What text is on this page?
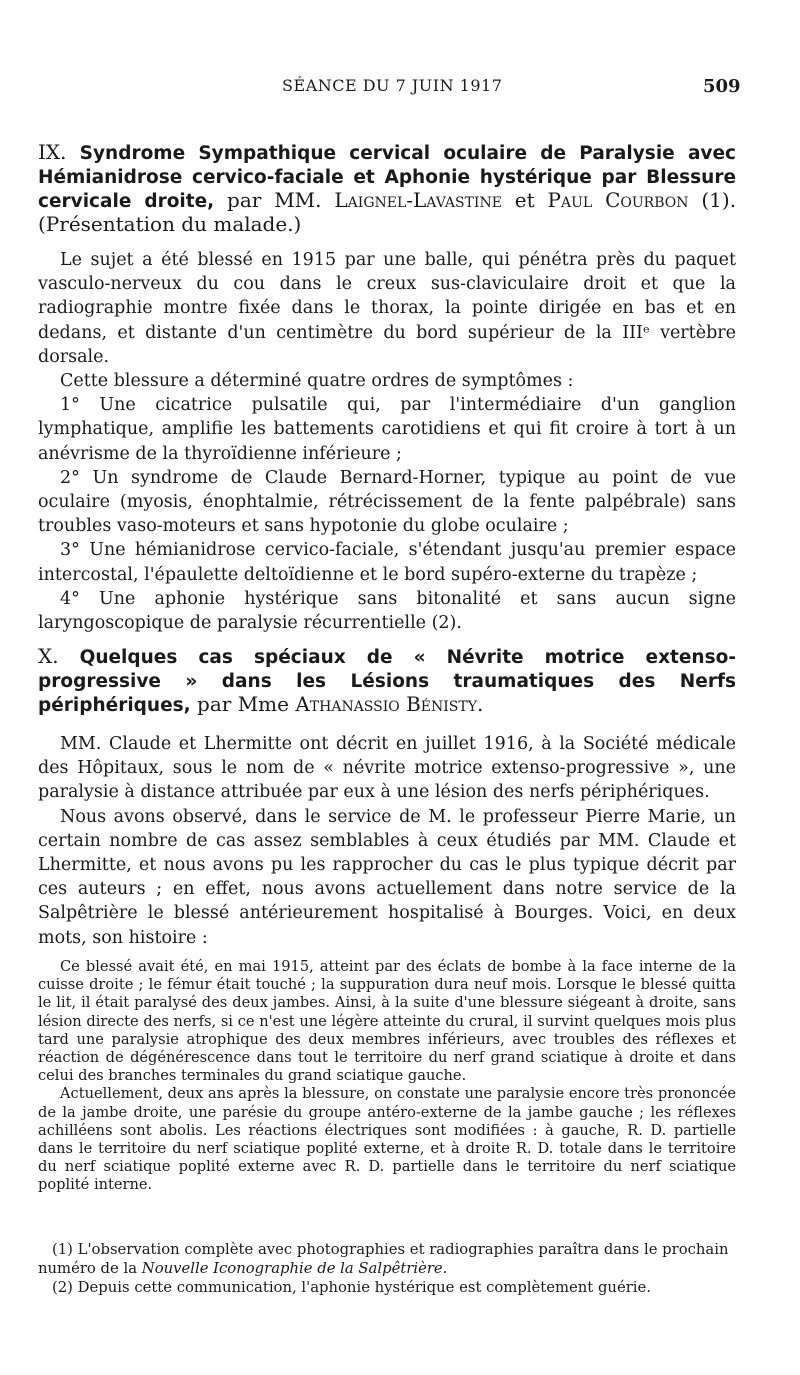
SÉANCE DU 7 JUIN 1917	509
IX. Syndrome Sympathique cervical oculaire de Paralysie avec Hémianidrose cervico-faciale et Aphonie hystérique par Blessure cervicale droite, par MM. Laignel-Lavastine et Paul Courbon (1). (Présentation du malade.)

Le sujet a été blessé en 1915 par une balle, qui pénétra près du paquet vasculo-nerveux du cou dans le creux sus-claviculaire droit et que la radiographie montre fixée dans le thorax, la pointe dirigée en bas et en dedans, et distante d'un centimètre du bord supérieur de la IIIᵉ vertèbre dorsale.

Cette blessure a déterminé quatre ordres de symptômes :

1° Une cicatrice pulsatile qui, par l'intermédiaire d'un ganglion lymphatique, amplifie les battements carotidiens et qui fit croire à tort à un anévrisme de la thyroïdienne inférieure ;

2° Un syndrome de Claude Bernard-Horner, typique au point de vue oculaire (myosis, énophtalmie, rétrécissement de la fente palpébrale) sans troubles vaso-moteurs et sans hypotonie du globe oculaire ;

3° Une hémianidrose cervico-faciale, s'étendant jusqu'au premier espace intercostal, l'épaulette deltoïdienne et le bord supéro-externe du trapèze ;

4° Une aphonie hystérique sans bitonalité et sans aucun signe laryngoscopique de paralysie récurrentielle (2).

X. Quelques cas spéciaux de « Névrite motrice extenso-progressive » dans les Lésions traumatiques des Nerfs périphériques, par Mme Athanassio Bénisty.

MM. Claude et Lhermitte ont décrit en juillet 1916, à la Société médicale des Hôpitaux, sous le nom de « névrite motrice extenso-progressive », une paralysie à distance attribuée par eux à une lésion des nerfs périphériques.

Nous avons observé, dans le service de M. le professeur Pierre Marie, un certain nombre de cas assez semblables à ceux étudiés par MM. Claude et Lhermitte, et nous avons pu les rapprocher du cas le plus typique décrit par ces auteurs ; en effet, nous avons actuellement dans notre service de la Salpêtrière le blessé antérieurement hospitalisé à Bourges. Voici, en deux mots, son histoire :

Ce blessé avait été, en mai 1915, atteint par des éclats de bombe à la face interne de la cuisse droite ; le fémur était touché ; la suppuration dura neuf mois. Lorsque le blessé quitta le lit, il était paralysé des deux jambes. Ainsi, à la suite d'une blessure siégeant à droite, sans lésion directe des nerfs, si ce n'est une légère atteinte du crural, il survint quelques mois plus tard une paralysie atrophique des deux membres inférieurs, avec troubles des réflexes et réaction de dégénérescence dans tout le territoire du nerf grand sciatique à droite et dans celui des branches terminales du grand sciatique gauche.

Actuellement, deux ans après la blessure, on constate une paralysie encore très prononcée de la jambe droite, une parésie du groupe antéro-externe de la jambe gauche ; les réflexes achilléens sont abolis. Les réactions électriques sont modifiées : à gauche, R. D. partielle dans le territoire du nerf sciatique poplité externe, et à droite R. D. totale dans le territoire du nerf sciatique poplité externe avec R. D. partielle dans le territoire du nerf sciatique poplité interne.

(1) L'observation complète avec photographies et radiographies paraîtra dans le prochain numéro de la Nouvelle Iconographie de la Salpêtrière.

(2) Depuis cette communication, l'aphonie hystérique est complètement guérie.
